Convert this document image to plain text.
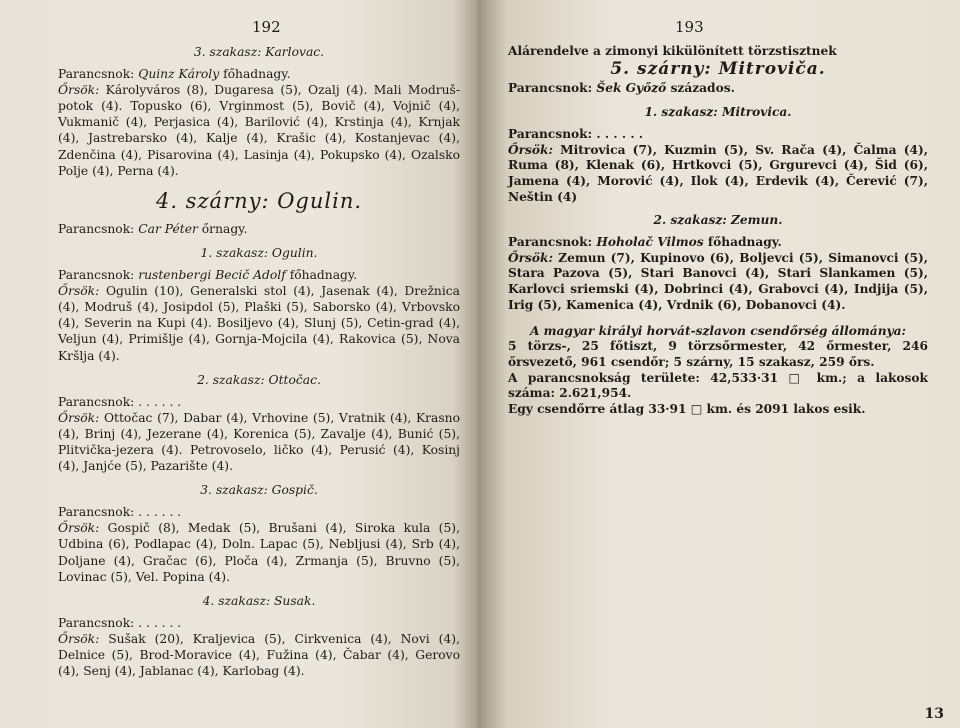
192
3. szakasz: Karlovac.

Parancsnok: Quinz Károly főhadnagy.

Őrsök: Károlyváros (8), Dugaresa (5), Ozalj (4). Mali Modruš-potok (4). Topusko (6), Vrginmost (5), Bovič (4), Vojnič (4), Vukmanič (4), Perjasica (4), Barilović (4), Krstinja (4), Krnjak (4), Jastrebarsko (4), Kalje (4), Krašic (4), Kostanjevac (4), Zdenčina (4), Pisarovina (4), Lasinja (4), Pokupsko (4), Ozalsko Polje (4), Perna (4).

4. szárny: Ogulin.

Parancsnok: Car Péter őrnagy.

1. szakasz: Ogulin.

Parancsnok: rustenbergi Becič Adolf főhadnagy.

Őrsök: Ogulin (10), Generalski stol (4), Jasenak (4), Drežnica (4), Modruš (4), Josipdol (5), Plaški (5), Saborsko (4), Vrbovsko (4), Severin na Kupi (4). Bosiljevo (4), Slunj (5), Cetin-grad (4), Veljun (4), Primišlje (4), Gornja-Mojcila (4), Rakovica (5), Nova Kršlja (4).

2. szakasz: Ottočac.

Parancsnok: . . . . . .

Őrsök: Ottočac (7), Dabar (4), Vrhovine (5), Vratnik (4), Krasno (4), Brinj (4), Jezerane (4), Korenica (5), Zavalje (4), Bunić (5), Plitvička-jezera (4). Petrovoselo, ličko (4), Perusić (4), Kosinj (4), Janjće (5), Pazarište (4).

3. szakasz: Gospič.

Parancsnok: . . . . . .

Őrsök: Gospič (8), Medak (5), Brušani (4), Siroka kula (5), Udbina (6), Podlapac (4), Doln. Lapac (5), Nebljusi (4), Srb (4), Doljane (4), Gračac (6), Ploča (4), Zrmanja (5), Bruvno (5), Lovinac (5), Vel. Popina (4).

4. szakasz: Susak.

Parancsnok: . . . . . .

Őrsök: Sušak (20), Kraljevica (5), Cirkvenica (4), Novi (4), Delnice (5), Brod-Moravice (4), Fužina (4), Čabar (4), Gerovo (4), Senj (4), Jablanac (4), Karlobag (4).

193

Alárendelve a zimonyi kikülönített törzstisztnek

5. szárny: Mitroviča.

Parancsnok: Šek Győző százados.

1. szakasz: Mitrovica.

Parancsnok: . . . . . .

Őrsök: Mitrovica (7), Kuzmin (5), Sv. Rača (4), Čalma (4), Ruma (8), Klenak (6), Hrtkovci (5), Grgurevci (4), Šid (6), Jamena (4), Morović (4), Ilok (4), Erdevik (4), Čerević (7), Neštin (4)

2. szakasz: Zemun.

Parancsnok: Hoholač Vilmos főhadnagy.

Őrsök: Zemun (7), Kupinovo (6), Boljevci (5), Simanovci (5), Stara Pazova (5), Stari Banovci (4), Stari Slankamen (5), Karlovci sriemski (4), Dobrinci (4), Grabovci (4), Indjija (5), Irig (5), Kamenica (4), Vrdnik (6), Dobanovci (4).

A magyar királyi horvát-szlavon csendőrség állománya:

5 törzs-, 25 főtiszt, 9 törzsőrmester, 42 őrmester, 246 őrsvezető, 961 csendőr; 5 szárny, 15 szakasz, 259 őrs.

A parancsnokság területe: 42,533·31 □ km.; a lakosok száma: 2.621,954.

Egy csendőrre átlag 33·91 □ km. és 2091 lakos esik.

13
